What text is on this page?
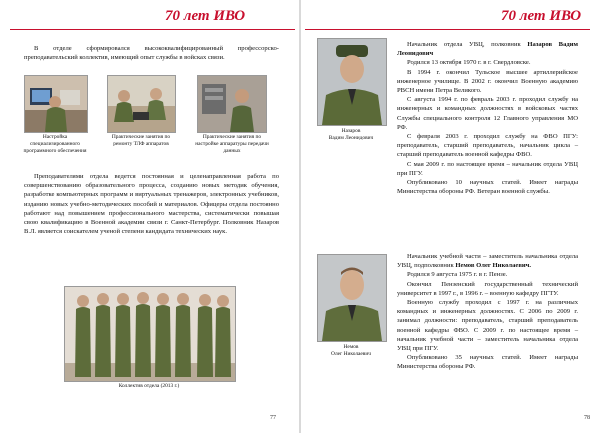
70 лет ИВО

В отделе сформировался высококвалифицированный профессорско-преподавательский коллектив, имеющий опыт службы в войсках связи.

Настройка специализированного программного обеспечения
Практические занятия по ремонту ТЛФ аппаратов
Практические занятия по настройке аппаратуры передачи данных

Преподавателями отдела ведется постоянная и целенаправленная работа по совершенствованию образовательного процесса, созданию новых методик обучения, разработке компьютерных программ и виртуальных тренажеров, электронных учебников, изданию новых учебно-методических пособий и материалов. Офицеры отдела постоянно работают над повышением профессионального мастерства, систематически повышая свою квалификацию в Военной академии связи г. Санкт-Петербург. Полковник Назаров В.Л. является соискателем ученой степени кандидата технических наук.

Коллектив отдела (2013 г.)
77
70 лет ИВО
Назаров
Вадим Леонидович

Начальник отдела УВЦ, полковник Назаров Вадим Леонидович

Родился 13 октября 1970 г. в г. Свердловске.

В 1994 г. окончил Тульское высшее артиллерийское инженерное училище. В 2002 г. окончил Военную академию РВСН имени Петра Великого.

С августа 1994 г. по февраль 2003 г. проходил службу на инженерных и командных должностях в войсковых частях Службы специального контроля 12 Главного управления МО РФ.

С февраля 2003 г. проходил службу на ФВО ПГУ: преподаватель, старший преподаватель, начальник цикла – старший преподаватель военной кафедры ФВО.

С мая 2009 г. по настоящее время – начальник отдела УВЦ при ПГУ.

Опубликовано 10 научных статей. Имеет награды Министерства обороны РФ. Ветеран военной службы.

Немов
Олег Николаевич

Начальник учебной части – заместитель начальника отдела УВЦ, подполковник Немов Олег Николаевич.

Родился 9 августа 1975 г. в г. Пензе.

Окончил Пензенский государственный технический университет в 1997 г., в 1996 г. – военную кафедру ПГТУ.

Военную службу проходил с 1997 г. на различных командных и инженерных должностях. С 2006 по 2009 г. занимал должности: преподаватель, старший преподаватель военной кафедры ФВО. С 2009 г. по настоящее время – начальник учебной части – заместитель начальника отдела УВЦ при ПГУ.

Опубликовано 35 научных статей. Имеет награды Министерства обороны РФ.

78
